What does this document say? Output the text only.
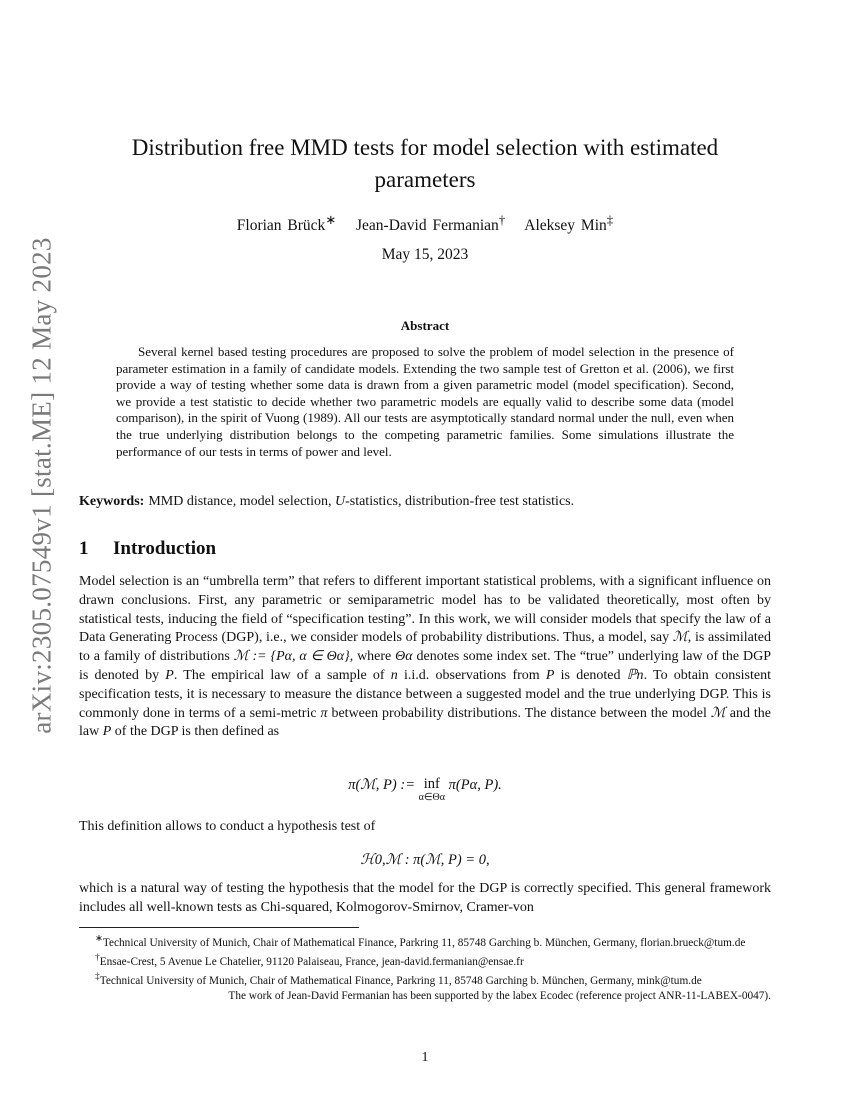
arXiv:2305.07549v1 [stat.ME] 12 May 2023
Distribution free MMD tests for model selection with estimated parameters
Florian Brück∗ Jean-David Fermanian† Aleksey Min‡
May 15, 2023
Abstract
Several kernel based testing procedures are proposed to solve the problem of model selection in the presence of parameter estimation in a family of candidate models. Extending the two sample test of Gretton et al. (2006), we first provide a way of testing whether some data is drawn from a given parametric model (model specification). Second, we provide a test statistic to decide whether two parametric models are equally valid to describe some data (model comparison), in the spirit of Vuong (1989). All our tests are asymptotically standard normal under the null, even when the true underlying distribution belongs to the competing parametric families. Some simulations illustrate the performance of our tests in terms of power and level.
Keywords: MMD distance, model selection, U-statistics, distribution-free test statistics.
1 Introduction
Model selection is an “umbrella term” that refers to different important statistical problems, with a significant influence on drawn conclusions. First, any parametric or semiparametric model has to be validated theoretically, most often by statistical tests, inducing the field of “specification testing”. In this work, we will consider models that specify the law of a Data Generating Process (DGP), i.e., we consider models of probability distributions. Thus, a model, say ℳ, is assimilated to a family of distributions ℳ := {Pα, α ∈ Θα}, where Θα denotes some index set. The “true” underlying law of the DGP is denoted by P. The empirical law of a sample of n i.i.d. observations from P is denoted ℙn. To obtain consistent specification tests, it is necessary to measure the distance between a suggested model and the true underlying DGP. This is commonly done in terms of a semi-metric π between probability distributions. The distance between the model ℳ and the law P of the DGP is then defined as
π(ℳ, P) := inf
α∈Θα
π(Pα, P).
This definition allows to conduct a hypothesis test of
ℋ0,ℳ : π(ℳ, P) = 0,
which is a natural way of testing the hypothesis that the model for the DGP is correctly specified. This general framework includes all well-known tests as Chi-squared, Kolmogorov-Smirnov, Cramer-von

∗Technical University of Munich, Chair of Mathematical Finance, Parkring 11, 85748 Garching b. München, Germany, florian.brueck@tum.de

†Ensae-Crest, 5 Avenue Le Chatelier, 91120 Palaiseau, France, jean-david.fermanian@ensae.fr

‡Technical University of Munich, Chair of Mathematical Finance, Parkring 11, 85748 Garching b. München, Germany, mink@tum.de

The work of Jean-David Fermanian has been supported by the labex Ecodec (reference project ANR-11-LABEX-0047).

1
